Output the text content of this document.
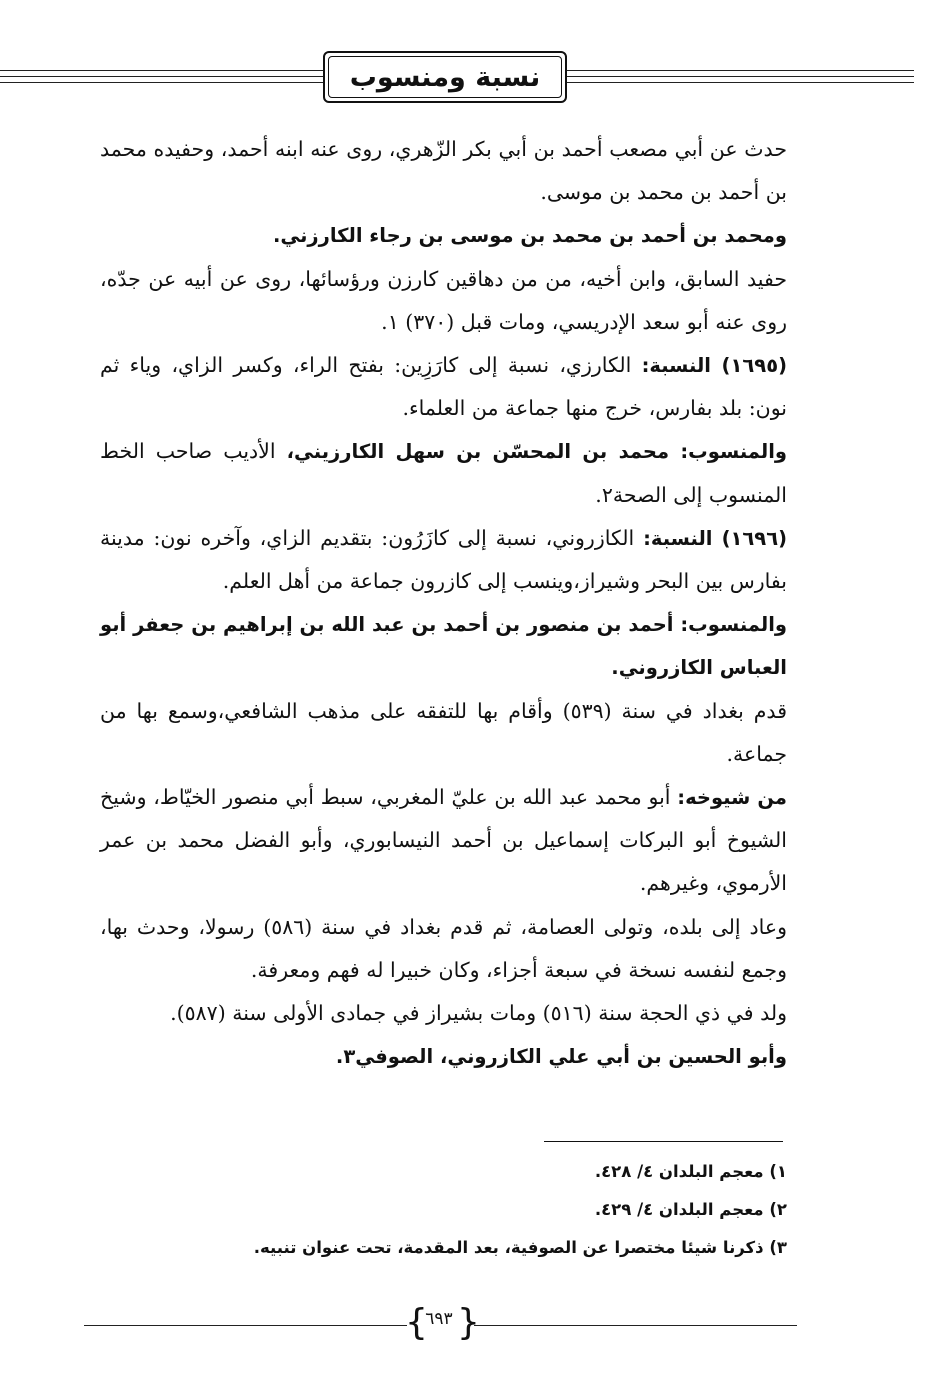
نسبة ومنسوب

حدث عن أبي مصعب أحمد بن أبي بكر الزّهري، روى عنه ابنه أحمد، وحفيده محمد بن أحمد بن محمد بن موسى.

ومحمد بن أحمد بن محمد بن موسى بن رجاء الكارزني.

حفيد السابق، وابن أخيه، من من دهاقين كارزن ورؤسائها، روى عن أبيه عن جدّه، روى عنه أبو سعد الإدريسي، ومات قبل (٣٧٠) ١.

(١٦٩٥) النسبة: الكارزي، نسبة إلى كارَزِين: بفتح الراء، وكسر الزاي، وياء ثم نون: بلد بفارس، خرج منها جماعة من العلماء.

والمنسوب: محمد بن المحسّن بن سهل الكارزيني، الأديب صاحب الخط المنسوب إلى الصحة٢.

(١٦٩٦) النسبة: الكازروني، نسبة إلى كازَرُون: بتقديم الزاي، وآخره نون: مدينة بفارس بين البحر وشيراز،وينسب إلى كازرون جماعة من أهل العلم.

والمنسوب: أحمد بن منصور بن أحمد بن عبد الله بن إبراهيم بن جعفر أبو العباس الكازروني.

قدم بغداد في سنة (٥٣٩) وأقام بها للتفقه على مذهب الشافعي،وسمع بها من جماعة.

من شيوخه: أبو محمد عبد الله بن عليّ المغربي، سبط أبي منصور الخيّاط، وشيخ الشيوخ أبو البركات إسماعيل بن أحمد النيسابوري، وأبو الفضل محمد بن عمر الأرموي، وغيرهم.

وعاد إلى بلده، وتولى العصامة، ثم قدم بغداد في سنة (٥٨٦) رسولا، وحدث بها، وجمع لنفسه نسخة في سبعة أجزاء، وكان خبيرا له فهم ومعرفة.

ولد في ذي الحجة سنة (٥١٦) ومات بشيراز في جمادى الأولى سنة (٥٨٧).

وأبو الحسين بن أبي علي الكازروني، الصوفي٣.

١) معجم البلدان ٤/ ٤٢٨.
٢) معجم البلدان ٤/ ٤٢٩.
٣) ذكرنا شيئا مختصرا عن الصوفية، بعد المقدمة، تحت عنوان تنبيه.
{ }
٦٩٣
